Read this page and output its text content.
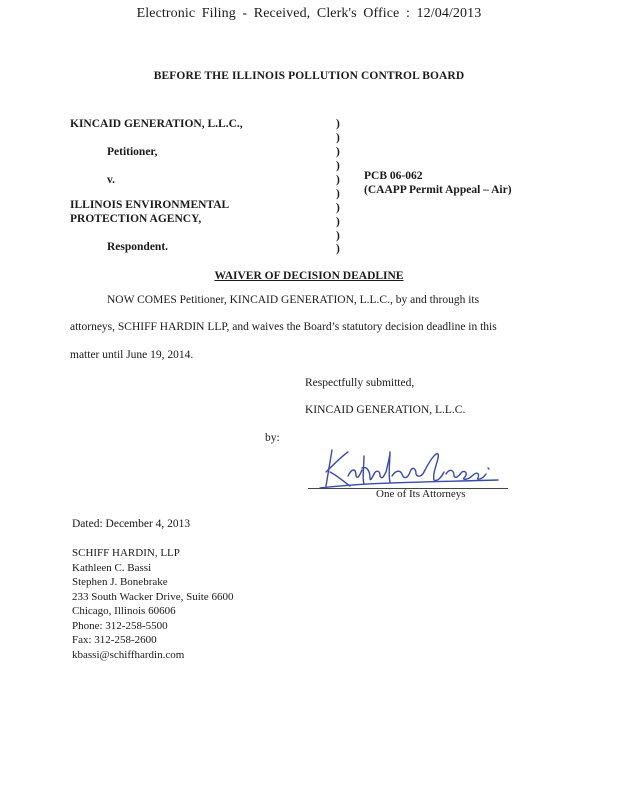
Electronic Filing - Received, Clerk's Office : 12/04/2013
BEFORE THE ILLINOIS POLLUTION CONTROL BOARD
KINCAID GENERATION, L.L.C.,
Petitioner,
v.
ILLINOIS ENVIRONMENTAL
PROTECTION AGENCY,
Respondent.
)
)
)
)
)
)
)
)
)
)
PCB 06-062
(CAAPP Permit Appeal – Air)
WAIVER OF DECISION DEADLINE
NOW COMES Petitioner, KINCAID GENERATION, L.L.C., by and through its
attorneys, SCHIFF HARDIN LLP, and waives the Board’s statutory decision deadline in this
matter until June 19, 2014.
Respectfully submitted,
KINCAID GENERATION, L.L.C.
by:
One of Its Attorneys
Dated: December 4, 2013
SCHIFF HARDIN, LLP
Kathleen C. Bassi
Stephen J. Bonebrake
233 South Wacker Drive, Suite 6600
Chicago, Illinois 60606
Phone: 312-258-5500
Fax: 312-258-2600
kbassi@schiffhardin.com
